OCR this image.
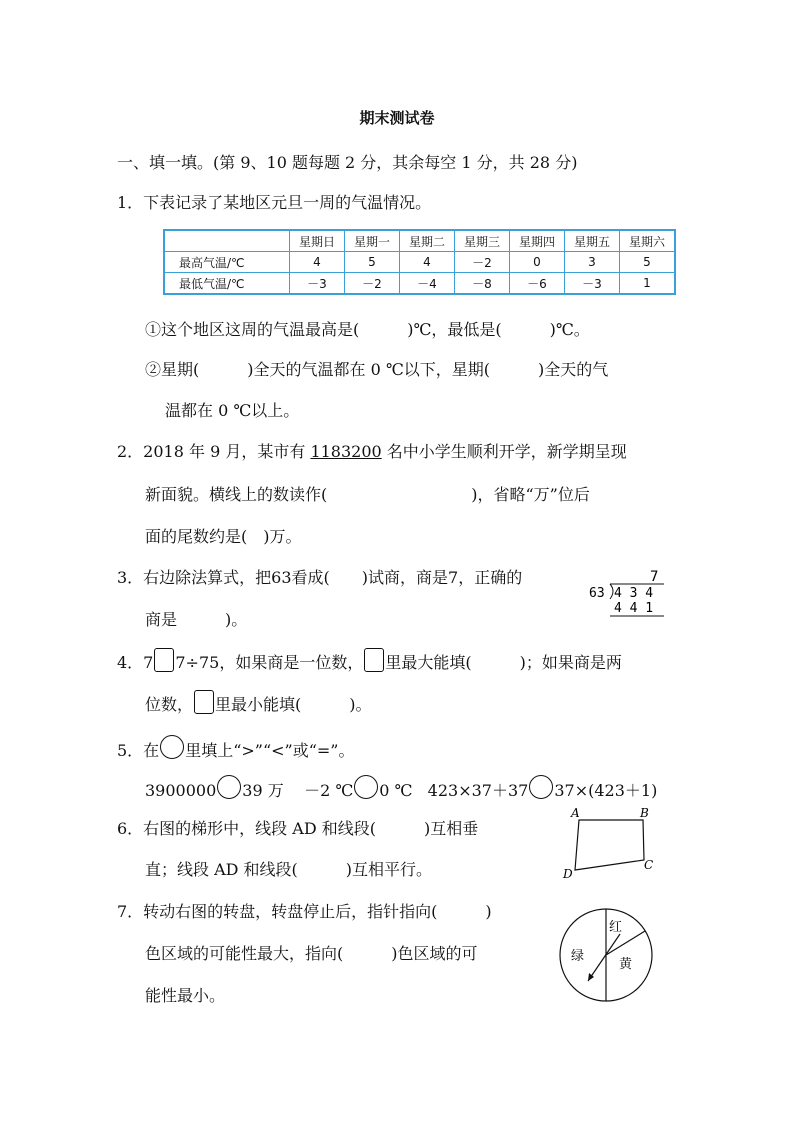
期末测试卷
一、填一填。(第 9、10 题每题 2 分，其余每空 1 分，共 28 分)
1．下表记录了某地区元旦一周的气温情况。
	星期日	星期一	星期二	星期三	星期四	星期五	星期六
最高气温/℃	4	5	4	－2	0	3	5
最低气温/℃	－3	－2	－4	－8	－6	－3	1
①这个地区这周的气温最高是(　　　)℃，最低是(　　　)℃。
②星期(　　　)全天的气温都在 0 ℃以下，星期(　　　)全天的气
温都在 0 ℃以上。
2．2018 年 9 月，某市有 1183200 名中小学生顺利开学，新学期呈现
新面貌。横线上的数读作(　　　　　　　　　)，省略“万”位后
面的尾数约是(　)万。
3．右边除法算式，把63看成(　　)试商，商是7，正确的
商是　　　)。
7
63 4 3 4
4 4 1
4．7 7÷75，如果商是一位数， 里最大能填(　　　)；如果商是两
位数， 里最小能填(　　　)。
5．在 里填上“>”“<”或“=”。
3900000 39 万 －2 ℃ 0 ℃ 423×37＋37 37×(423＋1)
6．右图的梯形中，线段 AD 和线段(　　　)互相垂
直；线段 AD 和线段(　　　)互相平行。
A	B
C
D
7．转动右图的转盘，转盘停止后，指针指向(　　　)
色区域的可能性最大，指向(　　　)色区域的可
能性最小。
红
黄
绿
